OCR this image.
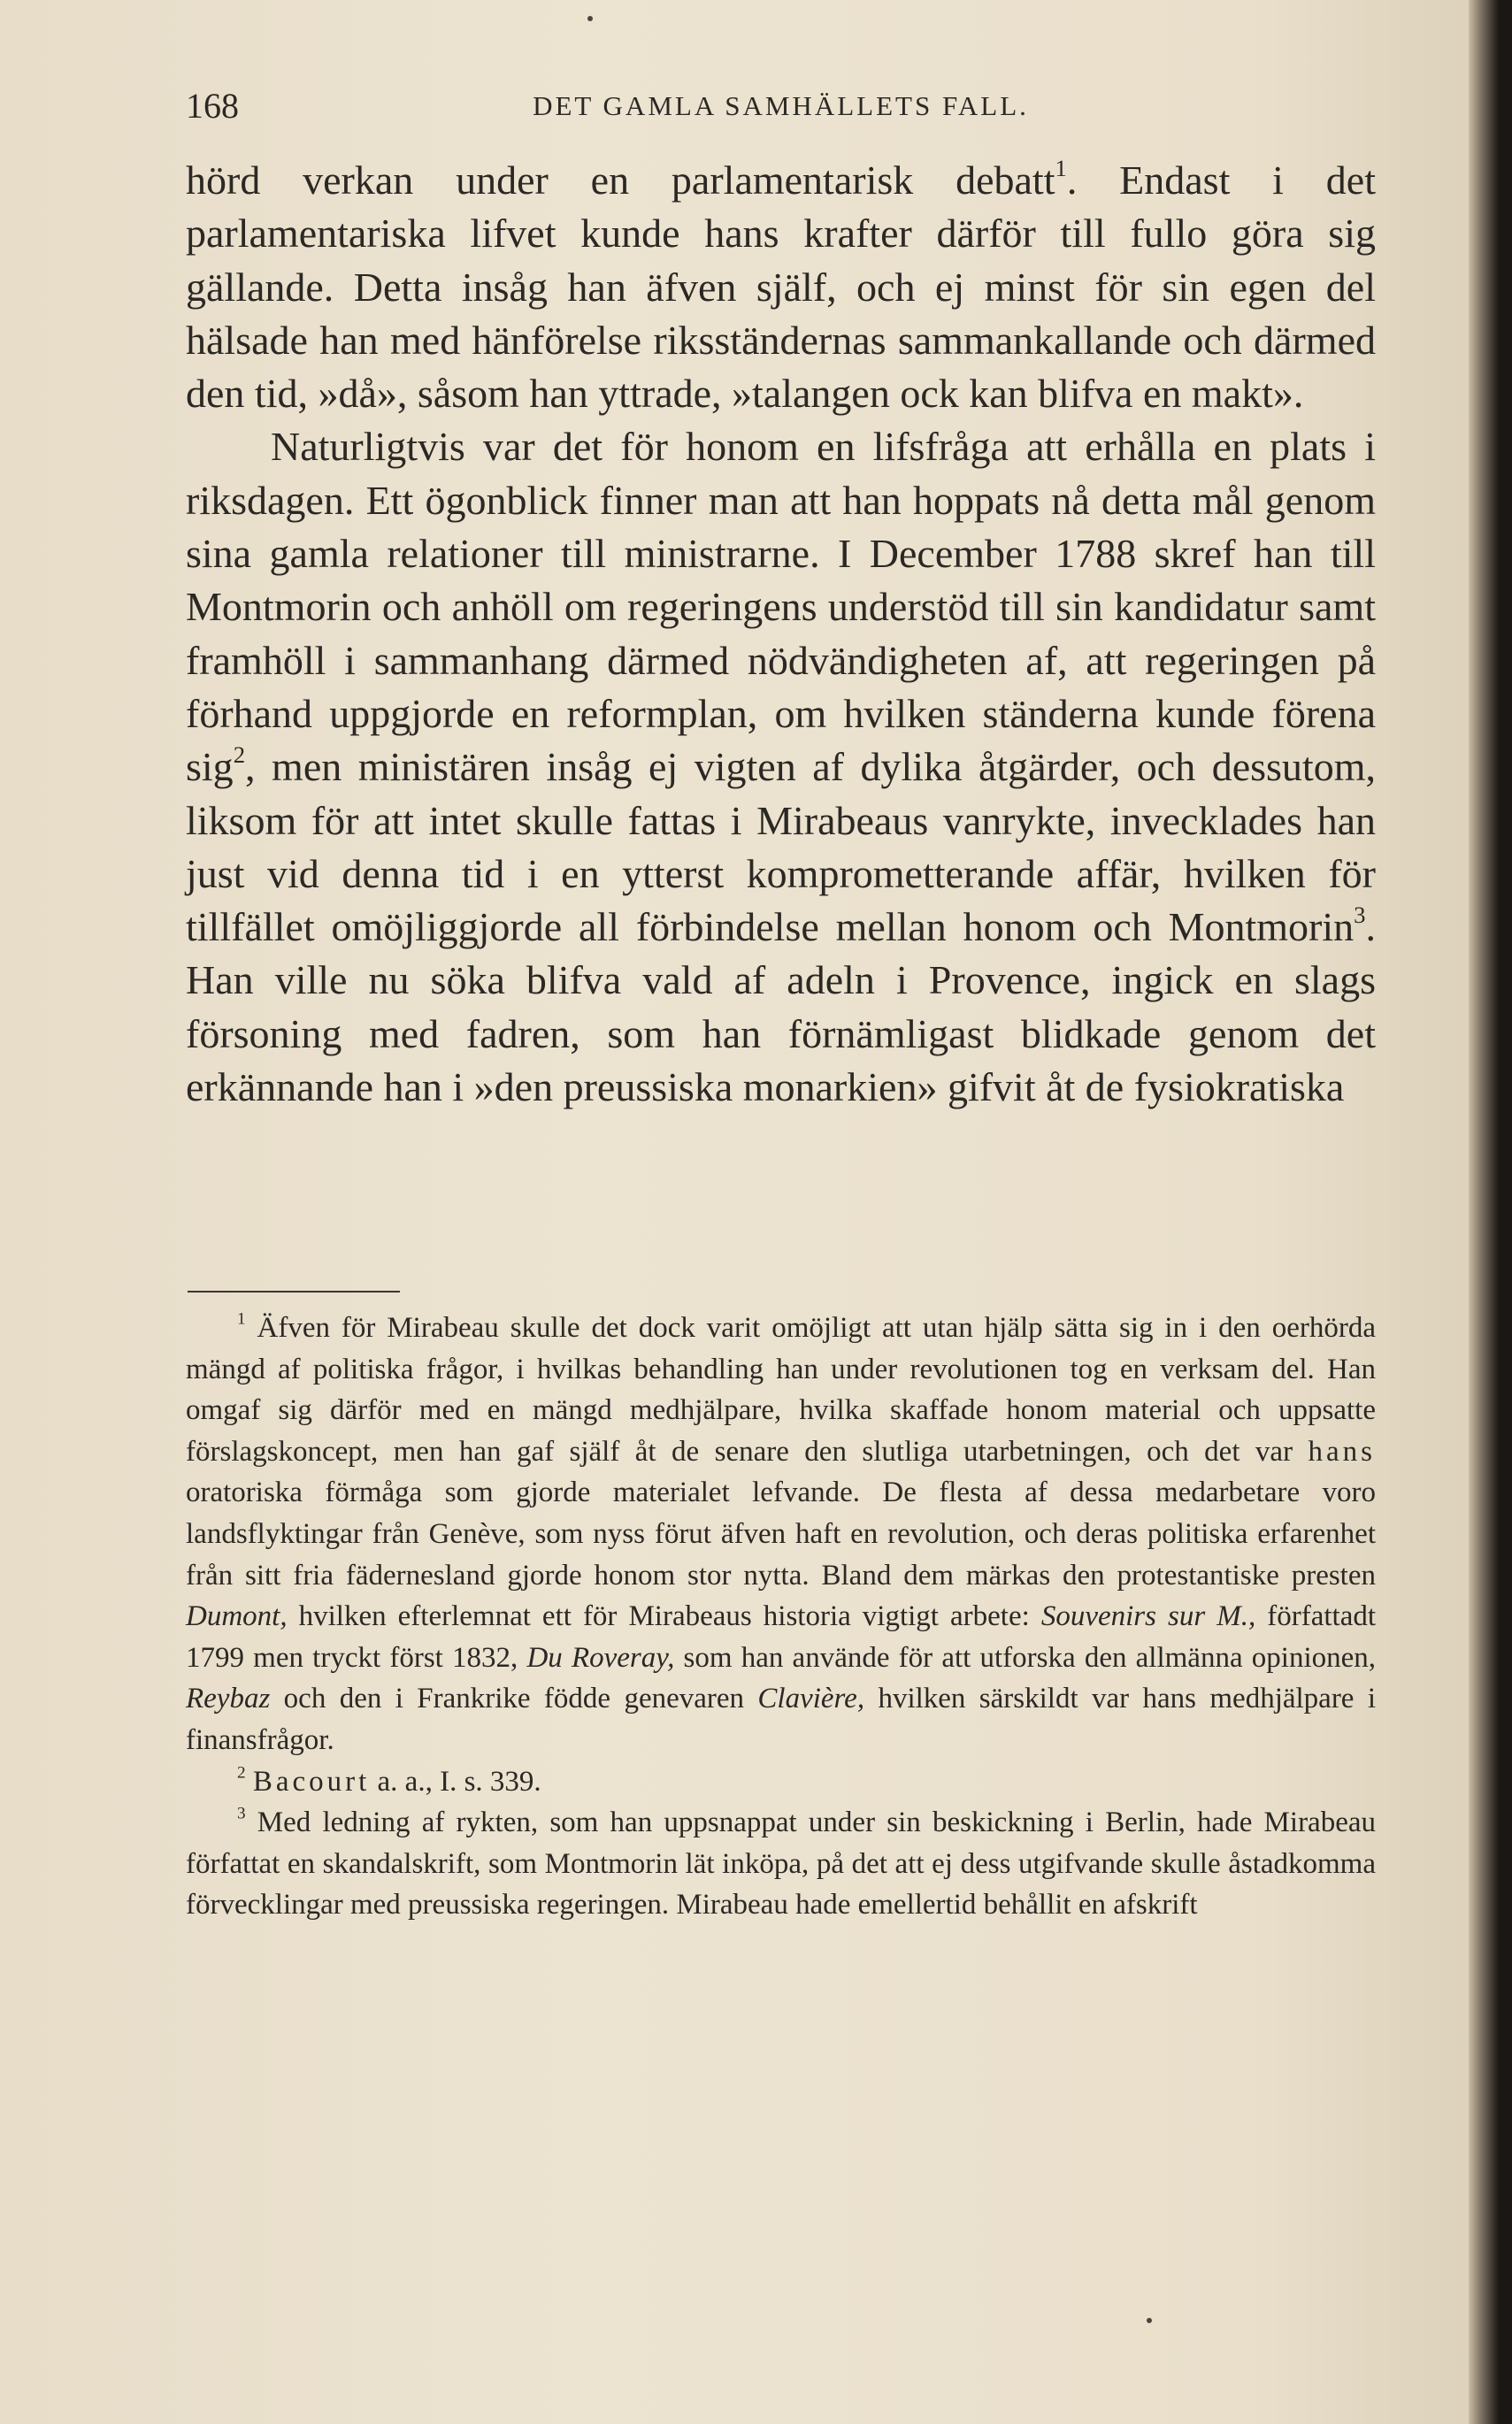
168	DET GAMLA SAMHÄLLETS FALL.

hörd verkan under en parlamentarisk debatt$^1$. Endast i det parlamentariska lifvet kunde hans krafter därför till fullo göra sig gällande. Detta insåg han äfven själf, och ej minst för sin egen del hälsade han med hänförelse riksständernas sammankallande och därmed den tid, »då», såsom han yttrade, »talangen ock kan blifva en makt».

Naturligtvis var det för honom en lifsfråga att erhålla en plats i riksdagen. Ett ögonblick finner man att han hoppats nå detta mål genom sina gamla relationer till ministrarne. I December 1788 skref han till Montmorin och anhöll om regeringens understöd till sin kandidatur samt framhöll i sammanhang därmed nödvändigheten af, att regeringen på förhand uppgjorde en reformplan, om hvilken ständerna kunde förena sig$^2$, men ministären insåg ej vigten af dylika åtgärder, och dessutom, liksom för att intet skulle fattas i Mirabeaus vanrykte, invecklades han just vid denna tid i en ytterst komprometterande affär, hvilken för tillfället omöjliggjorde all förbindelse mellan honom och Montmorin$^3$. Han ville nu söka blifva vald af adeln i Provence, ingick en slags försoning med fadren, som han förnämligast blidkade genom det erkännande han i »den preussiska monarkien» gifvit åt de fysiokratiska

$^1$ Äfven för Mirabeau skulle det dock varit omöjligt att utan hjälp sätta sig in i den oerhörda mängd af politiska frågor, i hvilkas behandling han under revolutionen tog en verksam del. Han omgaf sig därför med en mängd medhjälpare, hvilka skaffade honom material och uppsatte förslagskoncept, men han gaf själf åt de senare den slutliga utarbetningen, och det var hans oratoriska förmåga som gjorde materialet lefvande. De flesta af dessa medarbetare voro landsflyktingar från Genève, som nyss förut äfven haft en revolution, och deras politiska erfarenhet från sitt fria fädernesland gjorde honom stor nytta. Bland dem märkas den protestantiske presten Dumont, hvilken efterlemnat ett för Mirabeaus historia vigtigt arbete: Souvenirs sur M., författadt 1799 men tryckt först 1832, Du Roveray, som han använde för att utforska den allmänna opinionen, Reybaz och den i Frankrike födde genevaren Clavière, hvilken särskildt var hans medhjälpare i finansfrågor.

$^2$ Bacourt a. a., I. s. 339.

$^3$ Med ledning af rykten, som han uppsnappat under sin beskickning i Berlin, hade Mirabeau författat en skandalskrift, som Montmorin lät inköpa, på det att ej dess utgifvande skulle åstadkomma förvecklingar med preussiska regeringen. Mirabeau hade emellertid behållit en afskrift
